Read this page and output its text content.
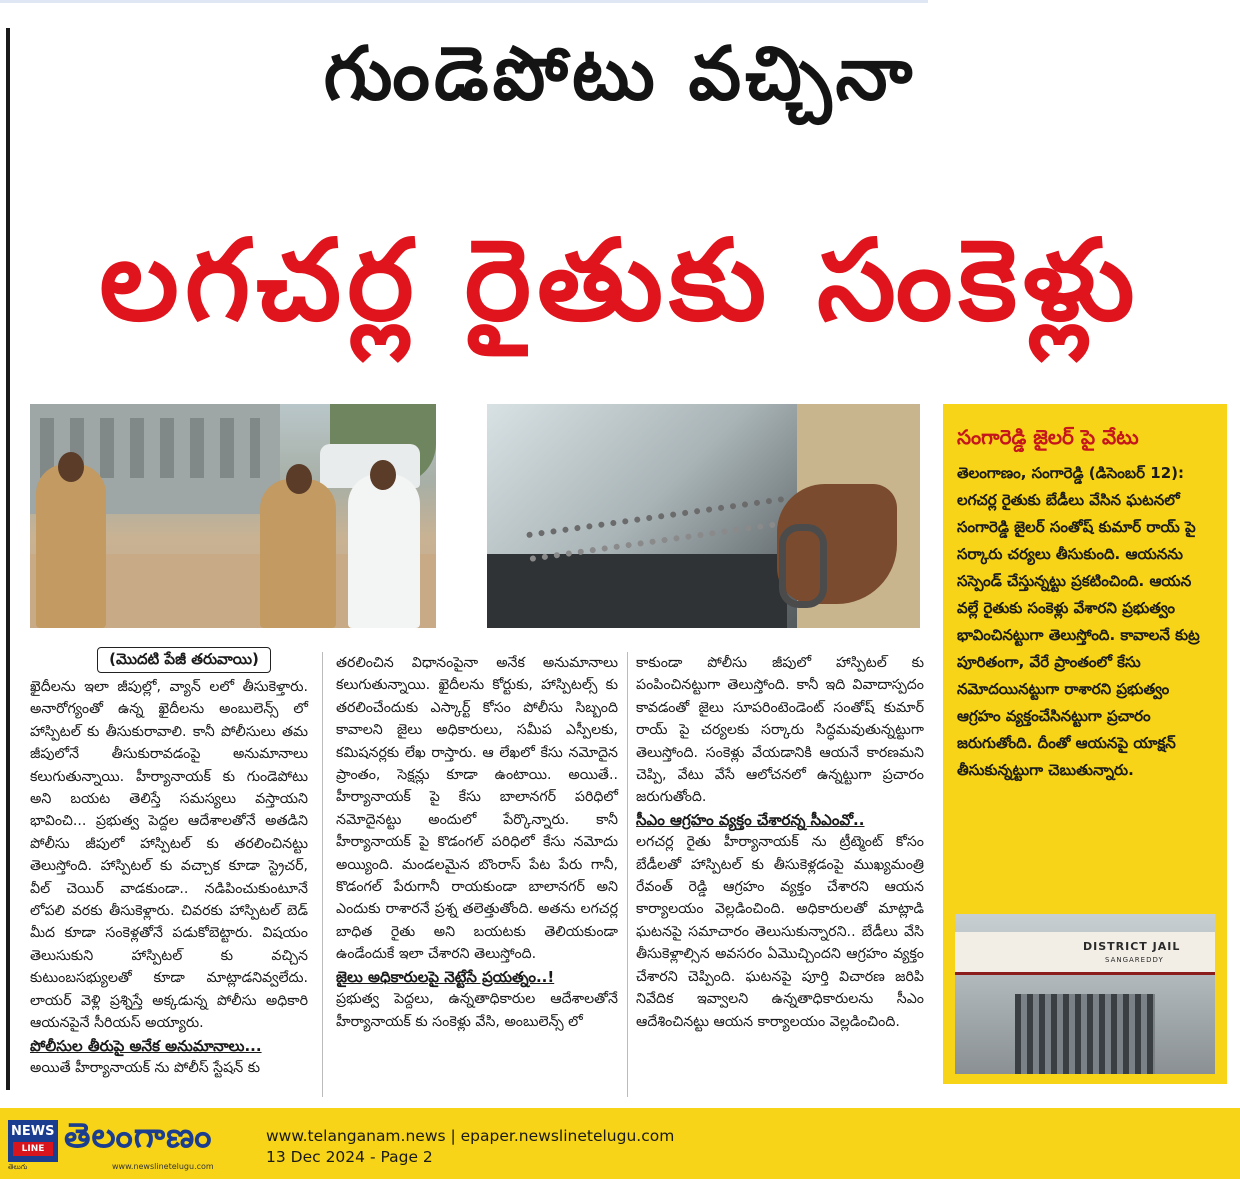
గుండెపోటు వచ్చినా
లగచర్ల రైతుకు సంకెళ్లు
(మొదటి పేజీ తరువాయి)

ఖైదీలను ఇలా జీపుల్లో, వ్యాన్ లలో తీసుకెళ్తారు. అనారోగ్యంతో ఉన్న ఖైదీలను అంబులెన్స్ లో హాస్పిటల్ కు తీసుకురావాలి. కానీ పోలీసులు తమ జీపులోనే తీసుకురావడంపై అనుమానాలు కలుగుతున్నాయి. హీర్యానాయక్ కు గుండెపోటు అని బయట తెలిస్తే సమస్యలు వస్తాయని భావించి... ప్రభుత్వ పెద్దల ఆదేశాలతోనే అతడిని పోలీసు జీపులో హాస్పిటల్ కు తరలించినట్టు తెలుస్తోంది. హాస్పిటల్ కు వచ్చాక కూడా స్ట్రెచర్, వీల్ చెయిర్ వాడకుండా.. నడిపించుకుంటూనే లోపలి వరకు తీసుకెళ్లారు. చివరకు హాస్పిటల్ బెడ్ మీద కూడా సంకెళ్లతోనే పడుకోబెట్టారు. విషయం తెలుసుకుని హాస్పిటల్ కు వచ్చిన కుటుంబసభ్యులతో కూడా మాట్లాడనివ్వలేదు. లాయర్ వెళ్లి ప్రశ్నిస్తే అక్కడున్న పోలీసు అధికారి ఆయనపైనే సీరియస్ అయ్యారు.

పోలీసుల తీరుపై అనేక అనుమానాలు...

అయితే హీర్యానాయక్ ను పోలీస్ స్టేషన్ కు

తరలించిన విధానంపైనా అనేక అనుమానాలు కలుగుతున్నాయి. ఖైదీలను కోర్టుకు, హాస్పిటల్స్ కు తరలించేందుకు ఎస్కార్ట్ కోసం పోలీసు సిబ్బంది కావాలని జైలు అధికారులు, సమీప ఎస్పీలకు, కమిషనర్లకు లేఖ రాస్తారు. ఆ లేఖలో కేసు నమోదైన ప్రాంతం, సెక్షన్లు కూడా ఉంటాయి. అయితే.. హీర్యానాయక్ పై కేసు బాలానగర్ పరిధిలో నమోదైనట్టు అందులో పేర్కొన్నారు. కానీ హీర్యానాయక్ పై కొడంగల్ పరిధిలో కేసు నమోదు అయ్యింది. మండలమైన బొంరాస్ పేట పేరు గానీ, కొడంగల్ పేరుగానీ రాయకుండా బాలానగర్ అని ఎందుకు రాశారనే ప్రశ్న తలెత్తుతోంది. అతను లగచర్ల బాధిత రైతు అని బయటకు తెలియకుండా ఉండేందుకే ఇలా చేశారని తెలుస్తోంది.

జైలు అధికారులపై నెట్టేసే ప్రయత్నం..!

ప్రభుత్వ పెద్దలు, ఉన్నతాధికారుల ఆదేశాలతోనే హీర్యానాయక్ కు సంకెళ్లు వేసి, అంబులెన్స్ లో

కాకుండా పోలీసు జీపులో హాస్పిటల్ కు పంపించినట్టుగా తెలుస్తోంది. కానీ ఇది వివాదాస్పదం కావడంతో జైలు సూపరింటెండెంట్ సంతోష్ కుమార్ రాయ్ పై చర్యలకు సర్కారు సిద్ధమవుతున్నట్టుగా తెలుస్తోంది. సంకెళ్లు వేయడానికి ఆయనే కారణమని చెప్పి, వేటు వేసే ఆలోచనలో ఉన్నట్టుగా ప్రచారం జరుగుతోంది.

సీఎం ఆగ్రహం వ్యక్తం చేశారన్న సీఎంవో..

లగచర్ల రైతు హీర్యానాయక్ ను ట్రీట్మెంట్ కోసం బేడీలతో హాస్పిటల్ కు తీసుకెళ్లడంపై ముఖ్యమంత్రి రేవంత్ రెడ్డి ఆగ్రహం వ్యక్తం చేశారని ఆయన కార్యాలయం వెల్లడించింది. అధికారులతో మాట్లాడి ఘటనపై సమాచారం తెలుసుకున్నారని.. బేడీలు వేసి తీసుకెళ్లాల్సిన అవసరం ఏమొచ్చిందని ఆగ్రహం వ్యక్తం చేశారని చెప్పింది. ఘటనపై పూర్తి విచారణ జరిపి నివేదిక ఇవ్వాలని ఉన్నతాధికారులను సీఎం ఆదేశించినట్టు ఆయన కార్యాలయం వెల్లడించింది.

సంగారెడ్డి జైలర్ పై వేటు
తెలంగాణం, సంగారెడ్డి (డిసెంబర్ 12): లగచర్ల రైతుకు బేడీలు వేసిన ఘటనలో సంగారెడ్డి జైలర్ సంతోష్ కుమార్ రాయ్ పై సర్కారు చర్యలు తీసుకుంది. ఆయనను సస్పెండ్ చేస్తున్నట్టు ప్రకటించింది. ఆయన వల్లే రైతుకు సంకెళ్లు వేశారని ప్రభుత్వం భావించినట్టుగా తెలుస్తోంది. కావాలనే కుట్ర పూరితంగా, వేరే ప్రాంతంలో కేసు నమోదయినట్టుగా రాశారని ప్రభుత్వం ఆగ్రహం వ్యక్తంచేసినట్టుగా ప్రచారం జరుగుతోంది. దీంతో ఆయనపై యాక్షన్ తీసుకున్నట్టుగా చెబుతున్నారు.
DISTRICT JAIL
SANGAREDDY
NEWS
LINE
తెలుగు
తెలంగాణం
www.newslinetelugu.com
www.telanganam.news | epaper.newslinetelugu.com
13 Dec 2024 - Page 2
